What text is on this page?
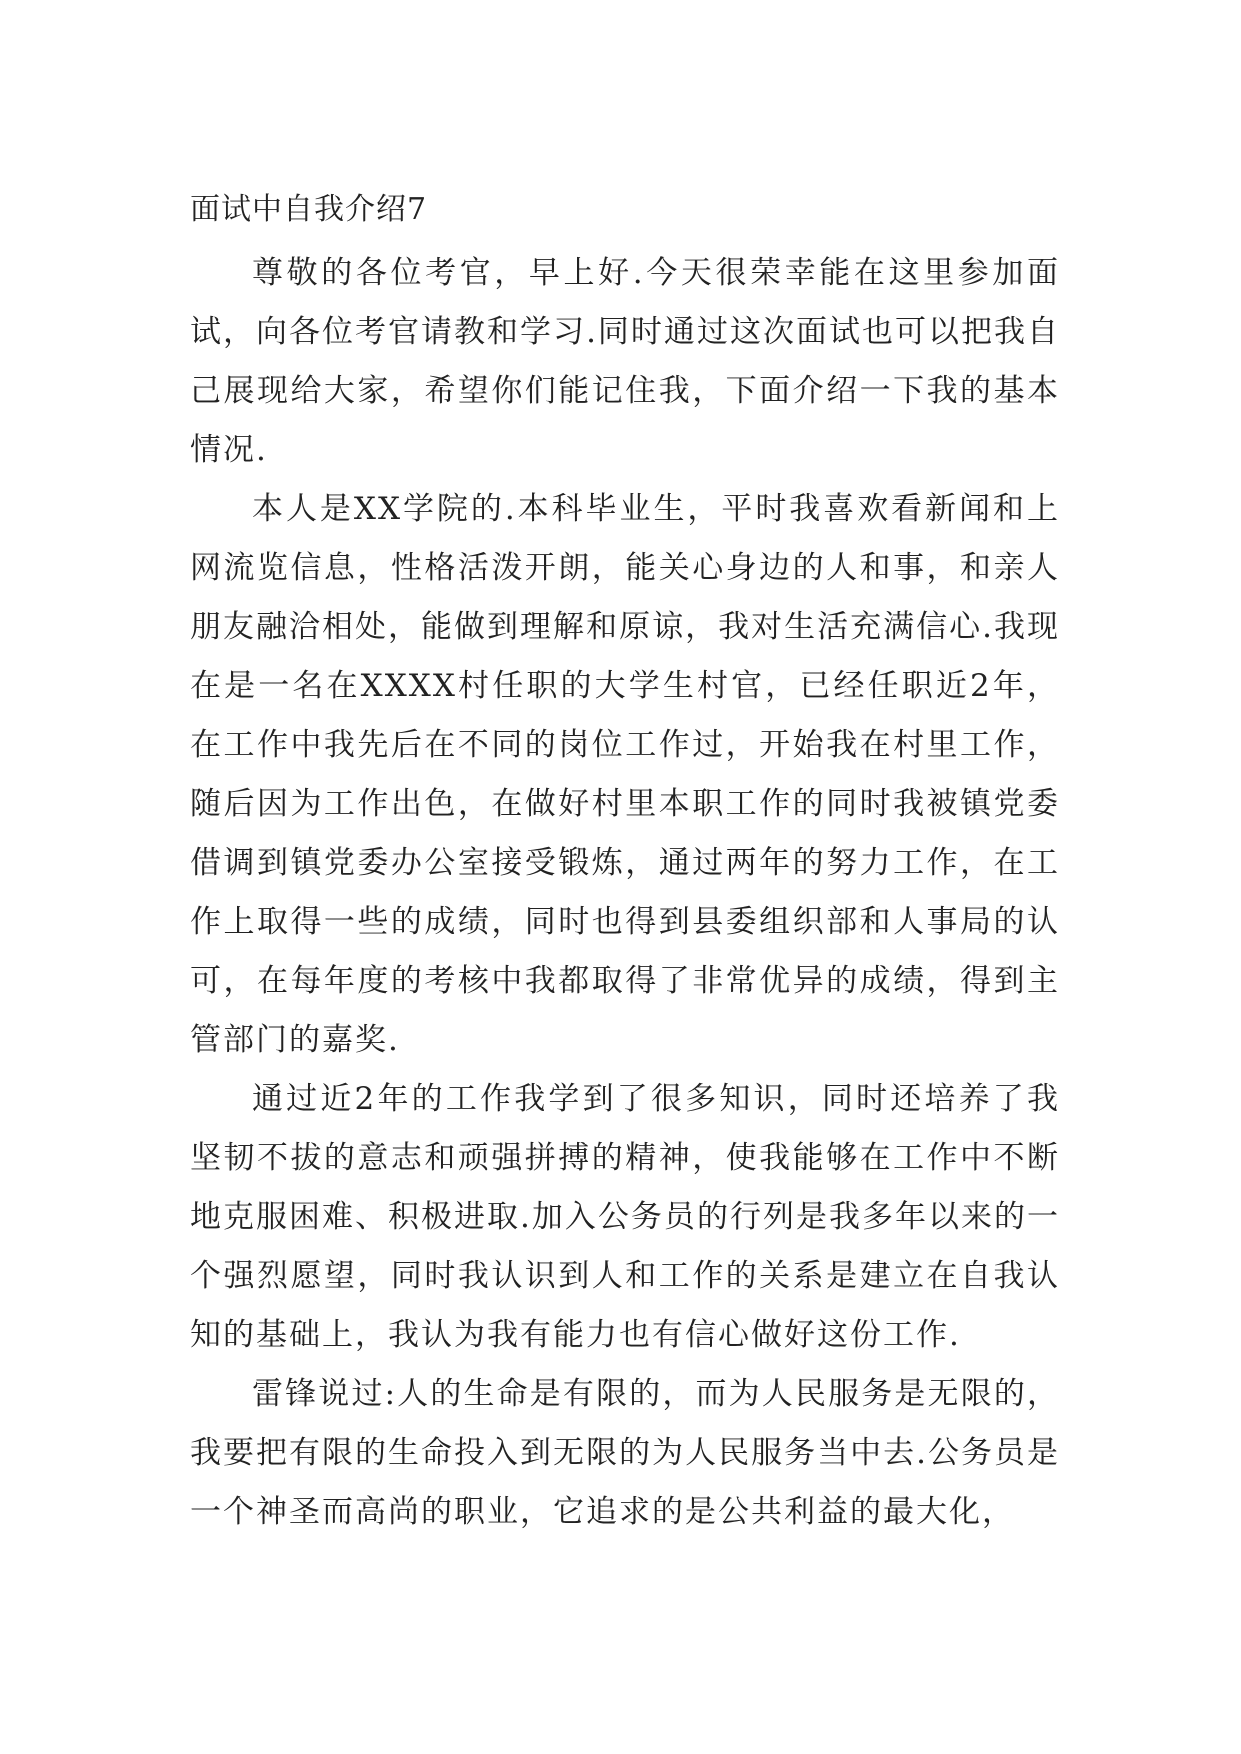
面试中自我介绍7

尊敬的各位考官，早上好.今天很荣幸能在这里参加面试，向各位考官请教和学习.同时通过这次面试也可以把我自己展现给大家，希望你们能记住我，下面介绍一下我的基本情况.

本人是XX学院的.本科毕业生，平时我喜欢看新闻和上网流览信息，性格活泼开朗，能关心身边的人和事，和亲人朋友融洽相处，能做到理解和原谅，我对生活充满信心.我现在是一名在XXXX村任职的大学生村官，已经任职近2年，在工作中我先后在不同的岗位工作过，开始我在村里工作，随后因为工作出色，在做好村里本职工作的同时我被镇党委借调到镇党委办公室接受锻炼，通过两年的努力工作，在工作上取得一些的成绩，同时也得到县委组织部和人事局的认可，在每年度的考核中我都取得了非常优异的成绩，得到主管部门的嘉奖.

通过近2年的工作我学到了很多知识，同时还培养了我坚韧不拔的意志和顽强拼搏的精神，使我能够在工作中不断地克服困难、积极进取.加入公务员的行列是我多年以来的一个强烈愿望，同时我认识到人和工作的关系是建立在自我认知的基础上，我认为我有能力也有信心做好这份工作.

雷锋说过:人的生命是有限的，而为人民服务是无限的，我要把有限的生命投入到无限的为人民服务当中去.公务员是一个神圣而高尚的职业，它追求的是公共利益的最大化，
